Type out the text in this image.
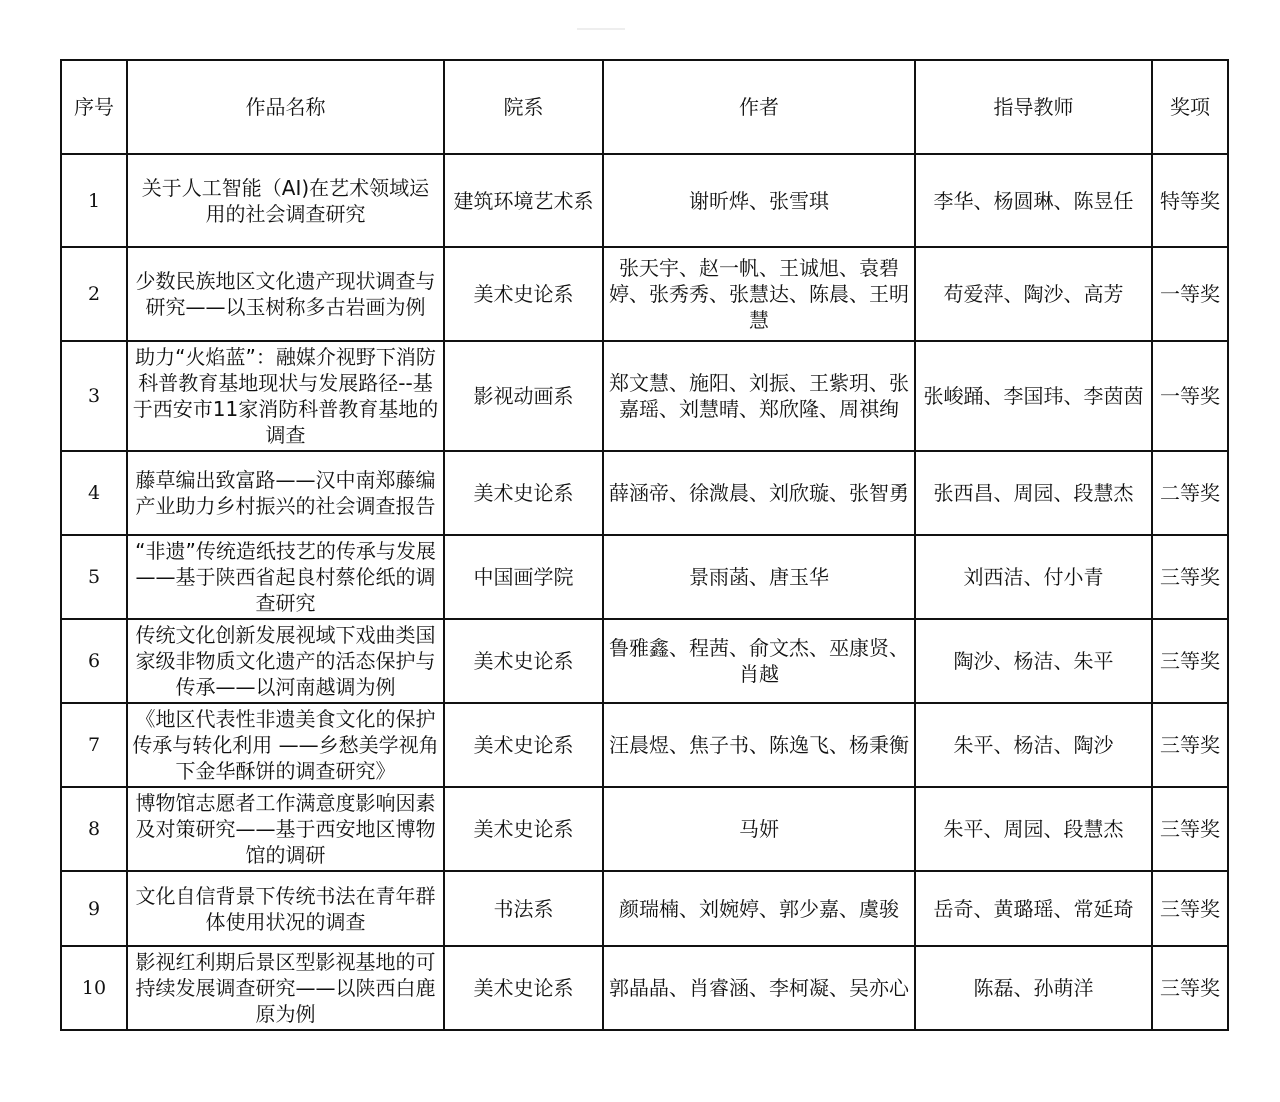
序号	作品名称	院系	作者	指导教师	奖项
1	关于人工智能（AI)在艺术领域运用的社会调查研究	建筑环境艺术系	谢昕烨、张雪琪	李华、杨圆琳、陈昱任	特等奖
2	少数民族地区文化遗产现状调查与研究——以玉树称多古岩画为例	美术史论系	张天宇、赵一帆、王诚旭、袁碧婷、张秀秀、张慧达、陈晨、王明慧	苟爱萍、陶沙、高芳	一等奖
3	助力“火焰蓝”：融媒介视野下消防科普教育基地现状与发展路径--基于西安市11家消防科普教育基地的调查	影视动画系	郑文慧、施阳、刘振、王紫玥、张嘉瑶、刘慧晴、郑欣隆、周祺绚	张峻踊、李国玮、李茵茵	一等奖
4	藤草编出致富路——汉中南郑藤编产业助力乡村振兴的社会调查报告	美术史论系	薛涵帝、徐溦晨、刘欣璇、张智勇	张西昌、周园、段慧杰	二等奖
5	“非遗”传统造纸技艺的传承与发展——基于陕西省起良村蔡伦纸的调查研究	中国画学院	景雨菡、唐玉华	刘西洁、付小青	三等奖
6	传统文化创新发展视域下戏曲类国家级非物质文化遗产的活态保护与传承——以河南越调为例	美术史论系	鲁雅鑫、程茜、俞文杰、巫康贤、肖越	陶沙、杨洁、朱平	三等奖
7	《地区代表性非遗美食文化的保护传承与转化利用 ——乡愁美学视角下金华酥饼的调查研究》	美术史论系	汪晨煜、焦子书、陈逸飞、杨秉衡	朱平、杨洁、陶沙	三等奖
8	博物馆志愿者工作满意度影响因素及对策研究——基于西安地区博物馆的调研	美术史论系	马妍	朱平、周园、段慧杰	三等奖
9	文化自信背景下传统书法在青年群体使用状况的调查	书法系	颜瑞楠、刘婉婷、郭少嘉、虞骏	岳奇、黄璐瑶、常延琦	三等奖
10	影视红利期后景区型影视基地的可持续发展调查研究——以陕西白鹿原为例	美术史论系	郭晶晶、肖睿涵、李柯凝、吴亦心	陈磊、孙萌洋	三等奖
